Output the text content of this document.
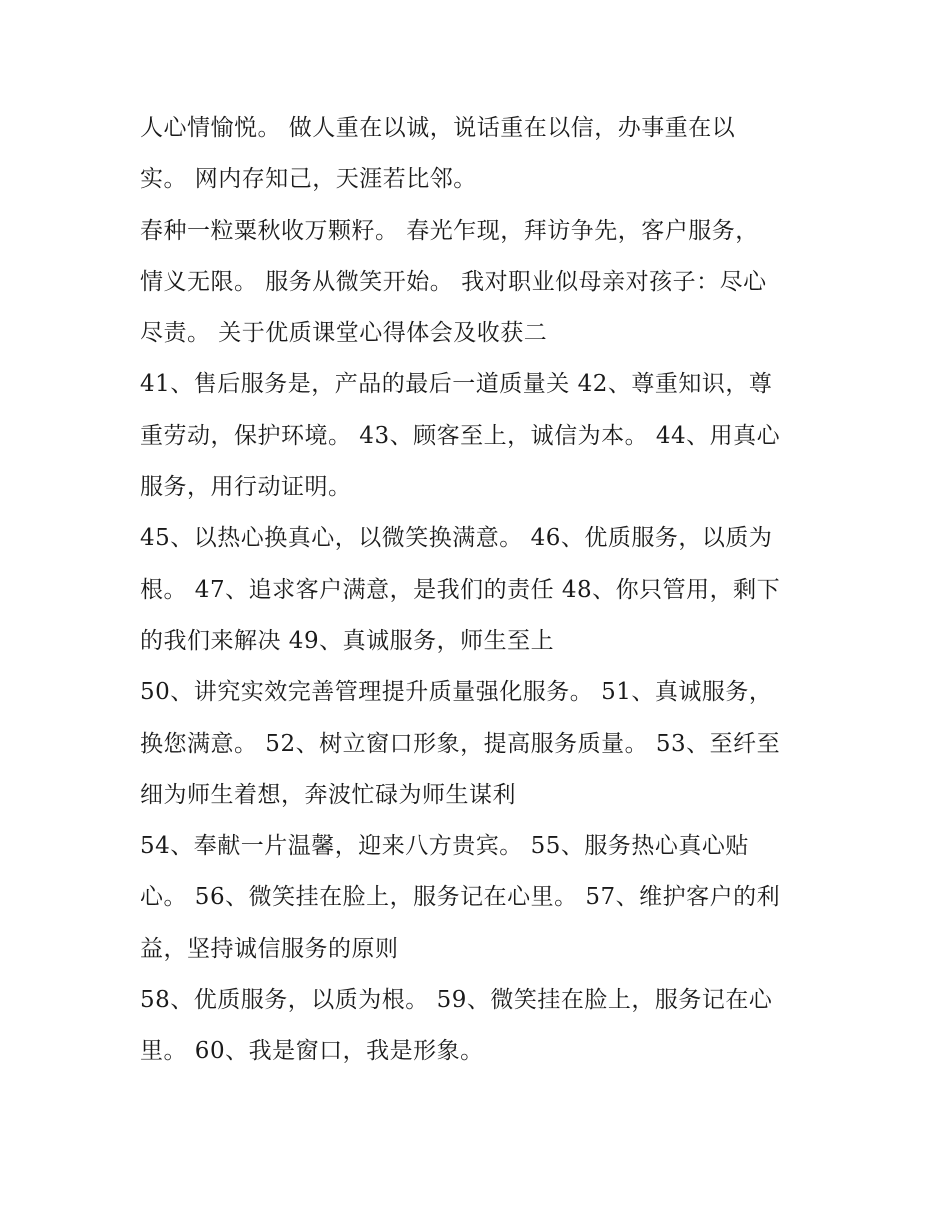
人心情愉悦。 做人重在以诚，说话重在以信，办事重在以
实。 网内存知己，天涯若比邻。

春种一粒粟秋收万颗籽。 春光乍现，拜访争先，客户服务，
情义无限。 服务从微笑开始。 我对职业似母亲对孩子：尽心
尽责。 关于优质课堂心得体会及收获二

41、售后服务是，产品的最后一道质量关 42、尊重知识，尊
重劳动，保护环境。 43、顾客至上，诚信为本。 44、用真心
服务，用行动证明。

45、以热心换真心，以微笑换满意。 46、优质服务，以质为
根。 47、追求客户满意，是我们的责任 48、你只管用，剩下
的我们来解决 49、真诚服务，师生至上

50、讲究实效完善管理提升质量强化服务。 51、真诚服务，
换您满意。 52、树立窗口形象，提高服务质量。 53、至纤至
细为师生着想，奔波忙碌为师生谋利

54、奉献一片温馨，迎来八方贵宾。 55、服务热心真心贴
心。 56、微笑挂在脸上，服务记在心里。 57、维护客户的利
益，坚持诚信服务的原则

58、优质服务，以质为根。 59、微笑挂在脸上，服务记在心
里。 60、我是窗口，我是形象。
